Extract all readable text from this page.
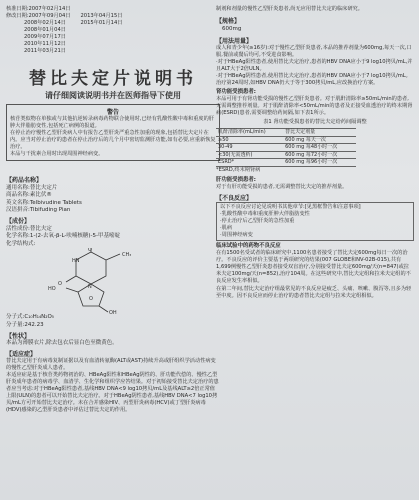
核准日期:2007年02月14日
修改日期:2007年09月04日
2008年02月14日
2008年01月04日
2009年07月17日
2010年11月12日
2011年03月21日
2013年04月15日
2015年01月14日
替比夫定片说明书
请仔细阅读说明书并在医师指导下使用
警告

核苷类似物在单独或与其他抗逆转录病毒药物联合使用时,已经有乳酸性酸中毒和重度的肝肿大伴脂肪变性,包括死亡病例的报道。
在停止治疗慢性乙型肝炎病人中有报告乙型肝炎严重急性加重的现象,包括替比夫定片在内。应当对停止治疗的患者在停止治疗后的几个月中密切监测肝功能,如有必要,应重新恢复治疗。
本品与干扰素合用时出现周围神经病变。

【药品名称】
通用名称:替比夫定片
商品名称:素比伏®
英文名称:Telbivudine Tablets
汉语拼音:Tibifuding Pian
【成份】
活性成份:替比夫定
化学名称:1-(2-去氧-β-L-呋喃核糖)-5-甲基嘧啶
化学结构式:
CH₃
O
O
HN
N
HO
OH
O
分子式:C₁₀H₁₄N₂O₅
分子量:242.23
【性状】

本品为薄膜衣片,除去包衣后显白色至微黄色。

【适应症】

替比夫定用于有病毒复制证据以及有血清转氨酶(ALT或AST)持续升高或肝组织学活动性病变的慢性乙型肝炎成人患者。
本适应症是基于核苷类药物初治的、HBeAg阳性和HBeAg阴性的、肝功能代偿的、慢性乙型肝炎成年患者的病毒学、血清学、生化学和组织学应答结果。对于初始接受替比夫定治疗的患者应当考虑:对于HBeAg阳性患者,基线HBV DNA<9 log10拷贝/mL及基线ALT≥2倍正常值上限(ULN)的患者可以开始替比夫定治疗。对于HBeAg阴性患者,基线HBV DNA<7 log10拷贝/mL方可开始替比夫定治疗。未在合并感染HIV、丙型肝炎病毒(HCV)或丁型肝炎病毒(HDV)感染的乙型肝炎患者中评估过替比夫定的作用。

制剂和剂量的慢性乙型肝炎患者,尚无应用替比夫定的临床研究。

【规格】
600mg
【用法用量】

成人和青少年(≥16岁):对于慢性乙型肝炎患者,本品的推荐剂量为600mg,每天一次,口服,餐前或餐后均可,不受进食影响。

·对于HBeAg阳性患者,使用替比夫定治疗,患者的HBV DNA应小于9 log10拷贝/mL,并且ALT大于2倍ULN。

·对于HBeAg阴性患者,使用替比夫定治疗,患者的HBV DNA应小于7 log10拷贝/mL。

治疗第24周时,如HBV DNA仍大于等于300拷贝/mL,应改换治疗方案。

肾功能受损患者:

本品可用于有肾功能受损的慢性乙型肝炎患者。对于肌酐清除率≥50mL/min的患者,无需调整推荐剂量。对于肌酐清除率<50mL/min的患者及正接受血透治疗的终末期肾病(ESRD)患者,需要调整给药间隔,如下表1所示。

表1 肾功能受损患者的替比夫定给药间隔调整
肌酐清除率(mL/min)	替比夫定剂量
≥50	600 mg 每天一次
30-49	600 mg 每48小时一次
<30(无需透析)	600 mg 每72小时一次
ESRD*	600 mg 每96小时一次
*ESRD,终末期肾病
肝功能受损患者:

对于有肝功能受损的患者,无需调整替比夫定的推荐剂量。

【不良反应】

以下不良反应讨论见说明书其他章节:[见黑框警告和注意事项]

·乳酸性酸中毒和重度肝肿大伴脂肪变性

·停止治疗后乙型肝炎的急性加重

·肌病

·周围神经病变

临床试验中的药物不良反应

在有1500名受试者的临床研究中,1100名患者接受了替比夫定600mg每日一次的治疗。不良反应的评价主要基于两项研究的结果(007 GLOBE和NV-02B-015),共有1,699例慢性乙型肝炎患者接受双盲治疗,分别接受替比夫定600mg/天(n=847)或拉米夫定100mg/天(n=852),治疗104周。在这些研究中,替比夫定组和拉米夫定组的不良反应发生率相似。

在第二年间,替比夫定治疗组最常见的不良反应是疲乏、头痛、咳嗽、腹泻等,且多为轻至中度。因不良反应而停止治疗的患者替比夫定组与拉米夫定组相似。
